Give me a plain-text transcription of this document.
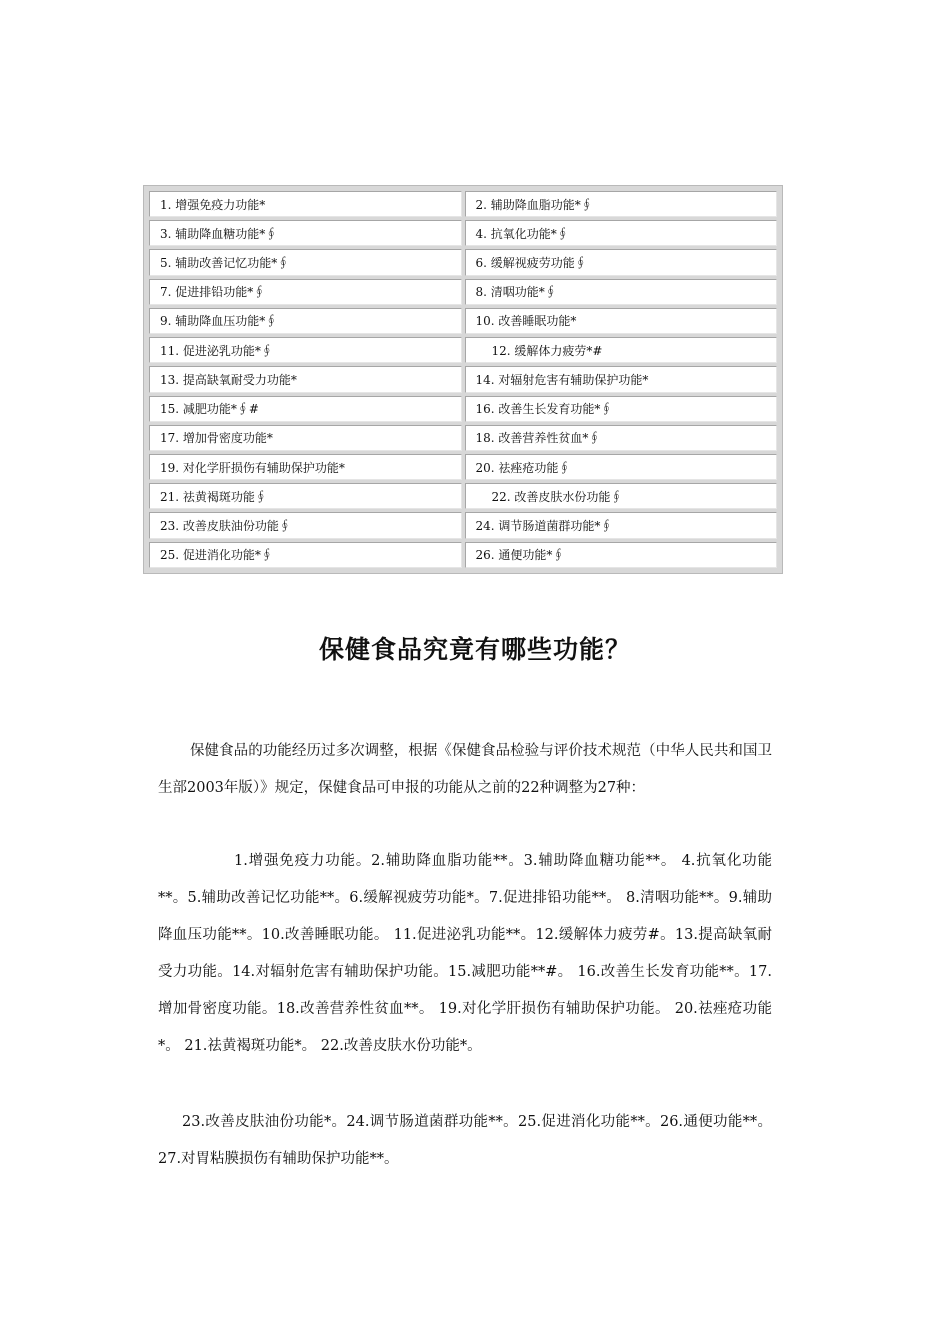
1. 增强免疫力功能*	2. 辅助降血脂功能*∮
3. 辅助降血糖功能*∮	4. 抗氧化功能*∮
5. 辅助改善记忆功能*∮	6. 缓解视疲劳功能∮
7. 促进排铅功能*∮	8. 清咽功能*∮
9. 辅助降血压功能*∮	10. 改善睡眠功能*
11. 促进泌乳功能*∮	12. 缓解体力疲劳*#
13. 提高缺氧耐受力功能*	14. 对辐射危害有辅助保护功能*
15. 减肥功能*∮#	16. 改善生长发育功能*∮
17. 增加骨密度功能*	18. 改善营养性贫血*∮
19. 对化学肝损伤有辅助保护功能*	20. 祛痤疮功能∮
21. 祛黄褐斑功能∮	22. 改善皮肤水份功能∮
23. 改善皮肤油份功能∮	24. 调节肠道菌群功能*∮
25. 促进消化功能*∮	26. 通便功能*∮
保健食品究竟有哪些功能？

保健食品的功能经历过多次调整，根据《保健食品检验与评价技术规范（中华人民共和国卫生部2003年版）》规定，保健食品可申报的功能从之前的22种调整为27种：

1.增强免疫力功能。2.辅助降血脂功能**。3.辅助降血糖功能**。 4.抗氧化功能**。5.辅助改善记忆功能**。6.缓解视疲劳功能*。7.促进排铅功能**。 8.清咽功能**。9.辅助降血压功能**。10.改善睡眠功能。 11.促进泌乳功能**。12.缓解体力疲劳#。13.提高缺氧耐受力功能。14.对辐射危害有辅助保护功能。15.减肥功能**#。 16.改善生长发育功能**。17.增加骨密度功能。18.改善营养性贫血**。 19.对化学肝损伤有辅助保护功能。 20.祛痤疮功能*。 21.祛黄褐斑功能*。 22.改善皮肤水份功能*。

23.改善皮肤油份功能*。24.调节肠道菌群功能**。25.促进消化功能**。26.通便功能**。27.对胃粘膜损伤有辅助保护功能**。
